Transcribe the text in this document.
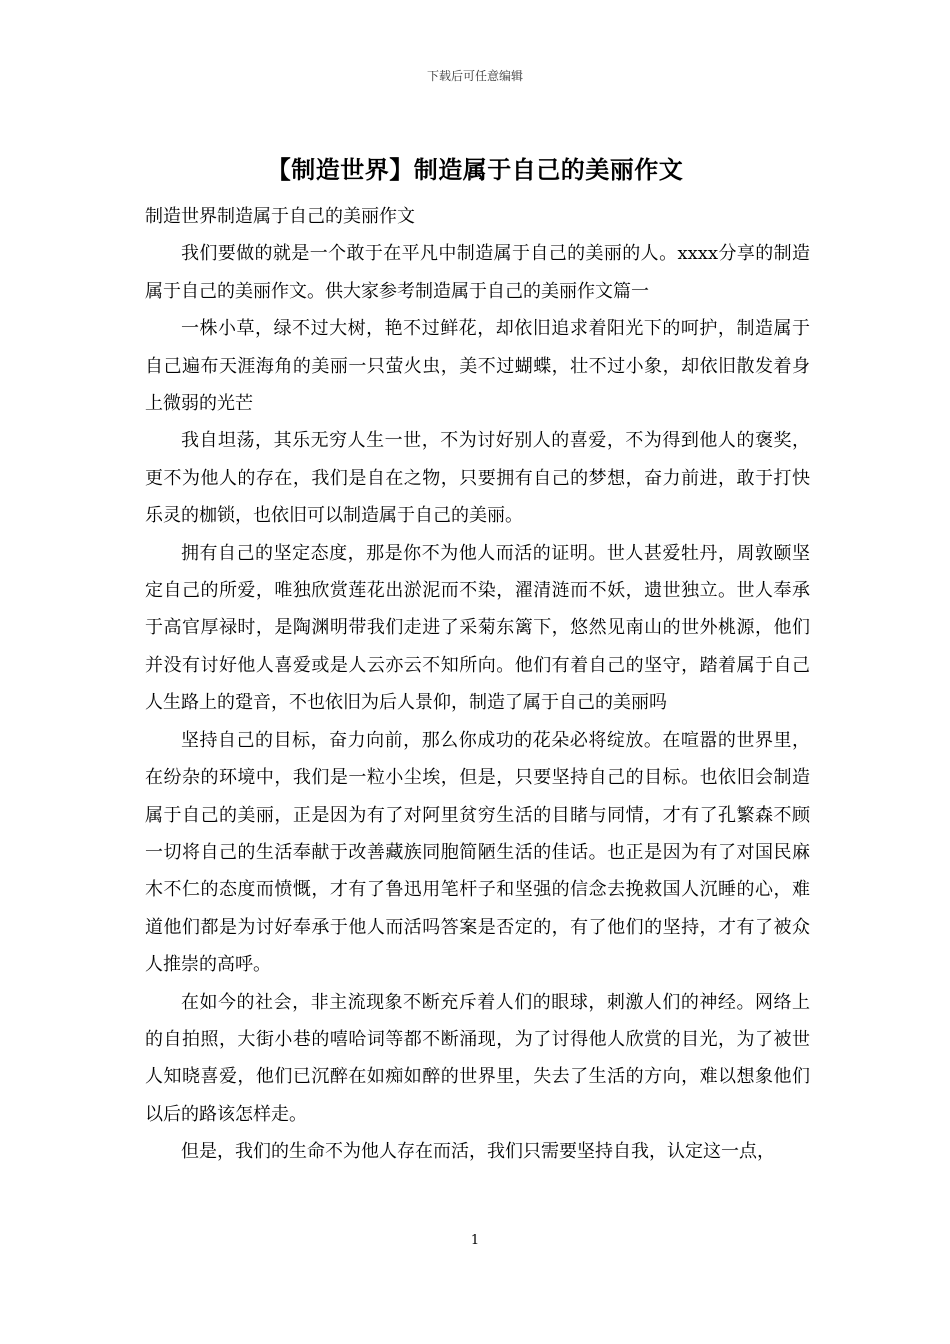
下载后可任意编辑
【制造世界】制造属于自己的美丽作文

制造世界制造属于自己的美丽作文

我们要做的就是一个敢于在平凡中制造属于自己的美丽的人。xxxx分享的制造属于自己的美丽作文。供大家参考制造属于自己的美丽作文篇一

一株小草，绿不过大树，艳不过鲜花，却依旧追求着阳光下的呵护，制造属于自己遍布天涯海角的美丽一只萤火虫，美不过蝴蝶，壮不过小象，却依旧散发着身上微弱的光芒

我自坦荡，其乐无穷人生一世，不为讨好别人的喜爱，不为得到他人的褒奖，更不为他人的存在，我们是自在之物，只要拥有自己的梦想，奋力前进，敢于打快乐灵的枷锁，也依旧可以制造属于自己的美丽。

拥有自己的坚定态度，那是你不为他人而活的证明。世人甚爱牡丹，周敦颐坚定自己的所爱，唯独欣赏莲花出淤泥而不染，濯清涟而不妖，遗世独立。世人奉承于高官厚禄时，是陶渊明带我们走进了采菊东篱下，悠然见南山的世外桃源，他们并没有讨好他人喜爱或是人云亦云不知所向。他们有着自己的坚守，踏着属于自己人生路上的跫音，不也依旧为后人景仰，制造了属于自己的美丽吗

坚持自己的目标，奋力向前，那么你成功的花朵必将绽放。在喧嚣的世界里，在纷杂的环境中，我们是一粒小尘埃，但是，只要坚持自己的目标。也依旧会制造属于自己的美丽，正是因为有了对阿里贫穷生活的目睹与同情，才有了孔繁森不顾一切将自己的生活奉献于改善藏族同胞简陋生活的佳话。也正是因为有了对国民麻木不仁的态度而愤慨，才有了鲁迅用笔杆子和坚强的信念去挽救国人沉睡的心，难道他们都是为讨好奉承于他人而活吗答案是否定的，有了他们的坚持，才有了被众人推崇的高呼。

在如今的社会，非主流现象不断充斥着人们的眼球，刺激人们的神经。网络上的自拍照，大街小巷的嘻哈词等都不断涌现，为了讨得他人欣赏的目光，为了被世人知晓喜爱，他们已沉醉在如痴如醉的世界里，失去了生活的方向，难以想象他们以后的路该怎样走。

但是，我们的生命不为他人存在而活，我们只需要坚持自我，认定这一点，

1
